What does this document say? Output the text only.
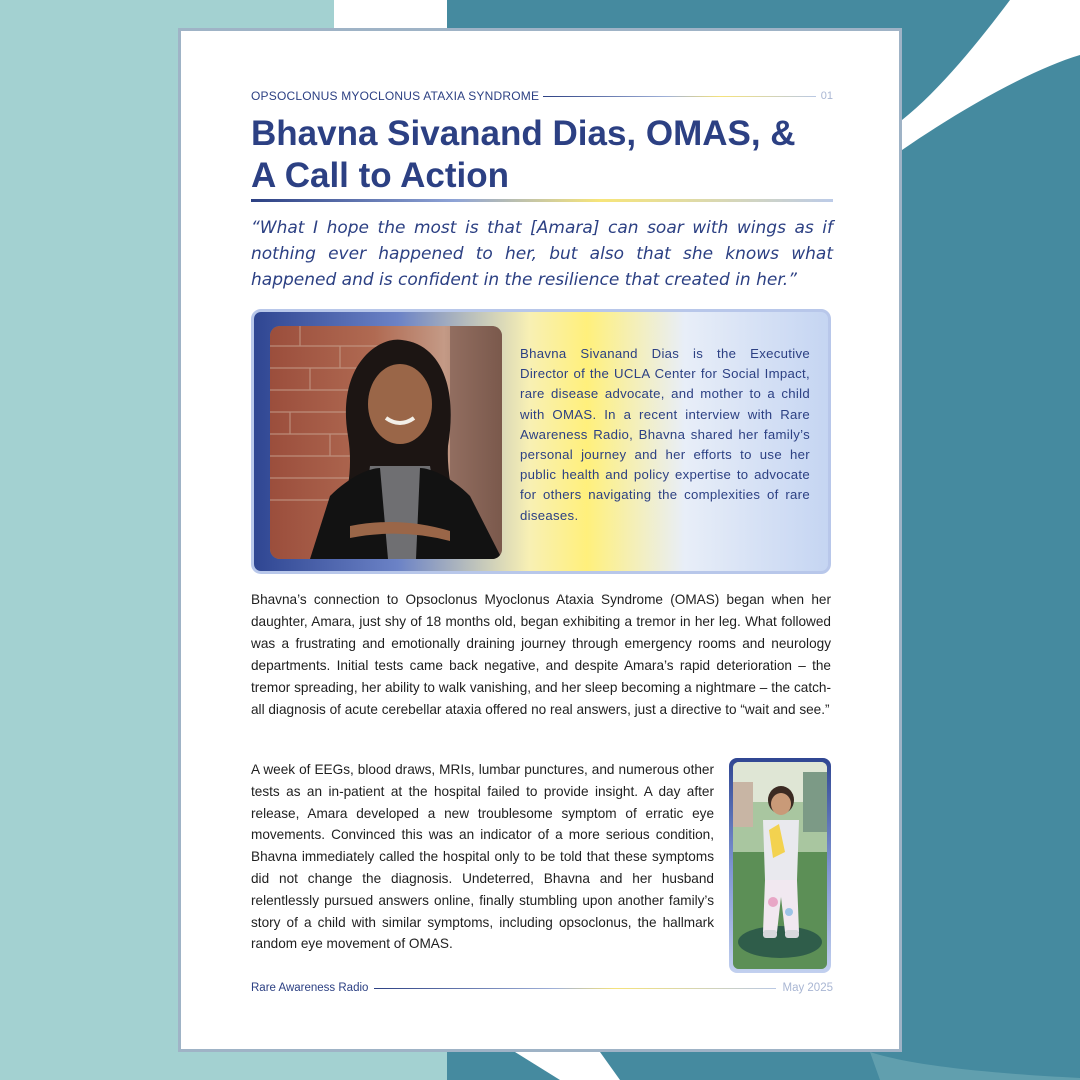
OPSOCLONUS MYOCLONUS ATAXIA SYNDROME	01
Bhavna Sivanand Dias, OMAS, &
A Call to Action
“What I hope the most is that [Amara] can soar with wings as if
nothing ever happened to her, but also that she knows what
happened and is confident in the resilience that created in her.”

Bhavna Sivanand Dias is the Executive Director of the UCLA Center for Social Impact, rare disease advocate, and mother to a child with OMAS. In a recent interview with Rare Awareness Radio, Bhavna shared her family’s personal journey and her efforts to use her public health and policy expertise to advocate for others navigating the complexities of rare diseases.

Bhavna’s connection to Opsoclonus Myoclonus Ataxia Syndrome (OMAS) began when her daughter, Amara, just shy of 18 months old, began exhibiting a tremor in her leg. What followed was a frustrating and emotionally draining journey through emergency rooms and neurology departments. Initial tests came back negative, and despite Amara’s rapid deterioration – the tremor spreading, her ability to walk vanishing, and her sleep becoming a nightmare – the catch-all diagnosis of acute cerebellar ataxia offered no real answers, just a directive to “wait and see.”

A week of EEGs, blood draws, MRIs, lumbar punctures, and numerous other tests as an in-patient at the hospital failed to provide insight. A day after release, Amara developed a new troublesome symptom of erratic eye movements. Convinced this was an indicator of a more serious condition, Bhavna immediately called the hospital only to be told that these symptoms did not change the diagnosis. Undeterred, Bhavna and her husband relentlessly pursued answers online, finally stumbling upon another family’s story of a child with similar symptoms, including opsoclonus, the hallmark random eye movement of OMAS.

Rare Awareness Radio	May 2025
